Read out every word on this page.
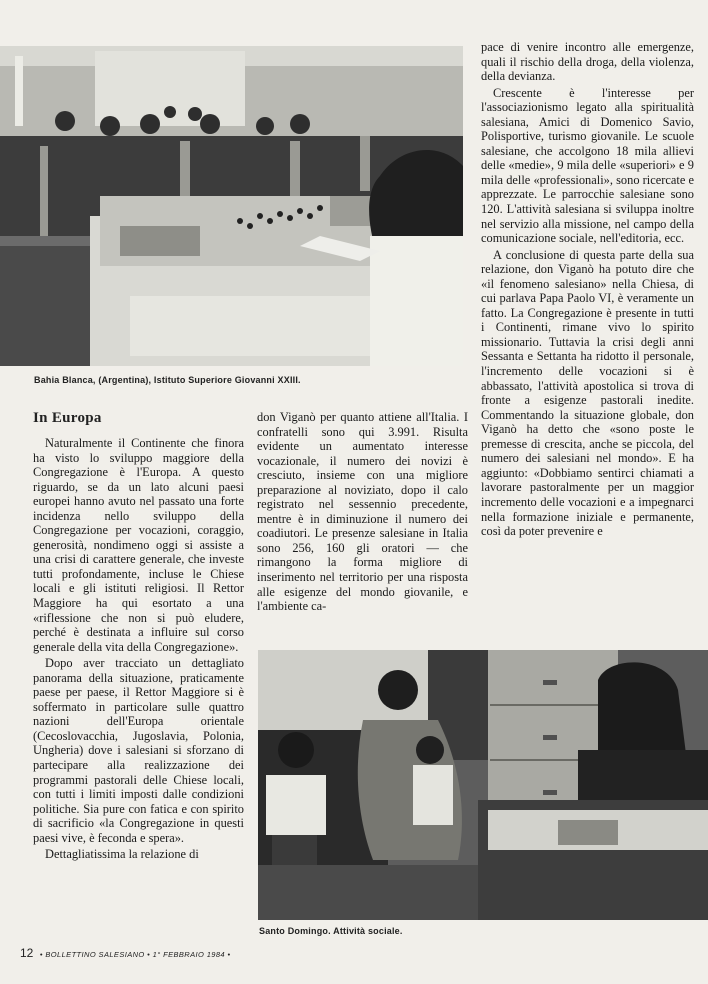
Bahia Blanca, (Argentina), Istituto Superiore Giovanni XXIII.
Santo Domingo. Attività sociale.
In Europa

pace di venire incontro alle emergenze, quali il rischio della droga, della violenza, della devianza.

Crescente è l'interesse per l'associazionismo legato alla spiritualità salesiana, Amici di Domenico Savio, Polisportive, turismo giovanile. Le scuole salesiane, che accolgono 18 mila allievi delle «medie», 9 mila delle «superiori» e 9 mila delle «professionali», sono ricercate e apprezzate. Le parrocchie salesiane sono 120. L'attività salesiana si sviluppa inoltre nel servizio alla missione, nel campo della comunicazione sociale, nell'editoria, ecc.

A conclusione di questa parte della sua relazione, don Viganò ha potuto dire che «il fenomeno salesiano» nella Chiesa, di cui parlava Papa Paolo VI, è veramente un fatto. La Congregazione è presente in tutti i Continenti, rimane vivo lo spirito missionario. Tuttavia la crisi degli anni Sessanta e Settanta ha ridotto il personale, l'incremento delle vocazioni si è abbassato, l'attività apostolica si trova di fronte a esigenze pastorali inedite. Commentando la situazione globale, don Viganò ha detto che «sono poste le premesse di crescita, anche se piccola, del numero dei salesiani nel mondo». E ha aggiunto: «Dobbiamo sentirci chiamati a lavorare pastoralmente per un maggior incremento delle vocazioni e a impegnarci nella formazione iniziale e permanente, così da poter prevenire e

Naturalmente il Continente che finora ha visto lo sviluppo maggiore della Congregazione è l'Europa. A questo riguardo, se da un lato alcuni paesi europei hanno avuto nel passato una forte incidenza nello sviluppo della Congregazione per vocazioni, coraggio, generosità, nondimeno oggi si assiste a una crisi di carattere generale, che investe tutti profondamente, incluse le Chiese locali e gli istituti religiosi. Il Rettor Maggiore ha qui esortato a una «riflessione che non si può eludere, perché è destinata a influire sul corso generale della vita della Congregazione».

Dopo aver tracciato un dettagliato panorama della situazione, praticamente paese per paese, il Rettor Maggiore si è soffermato in particolare sulle quattro nazioni dell'Europa orientale (Cecoslovacchia, Jugoslavia, Polonia, Ungheria) dove i salesiani si sforzano di partecipare alla realizzazione dei programmi pastorali delle Chiese locali, con tutti i limiti imposti dalle condizioni politiche. Sia pure con fatica e con spirito di sacrificio «la Congregazione in questi paesi vive, è feconda e spera».

Dettagliatissima la relazione di

don Viganò per quanto attiene all'Italia. I confratelli sono qui 3.991. Risulta evidente un aumentato interesse vocazionale, il numero dei novizi è cresciuto, insieme con una migliore preparazione al noviziato, dopo il calo registrato nel sessennio precedente, mentre è in diminuzione il numero dei coadiutori. Le presenze salesiane in Italia sono 256, 160 gli oratori — che rimangono la forma migliore di inserimento nel territorio per una risposta alle esigenze del mondo giovanile, e l'ambiente ca-

12 • BOLLETTINO SALESIANO • 1° FEBBRAIO 1984 •
